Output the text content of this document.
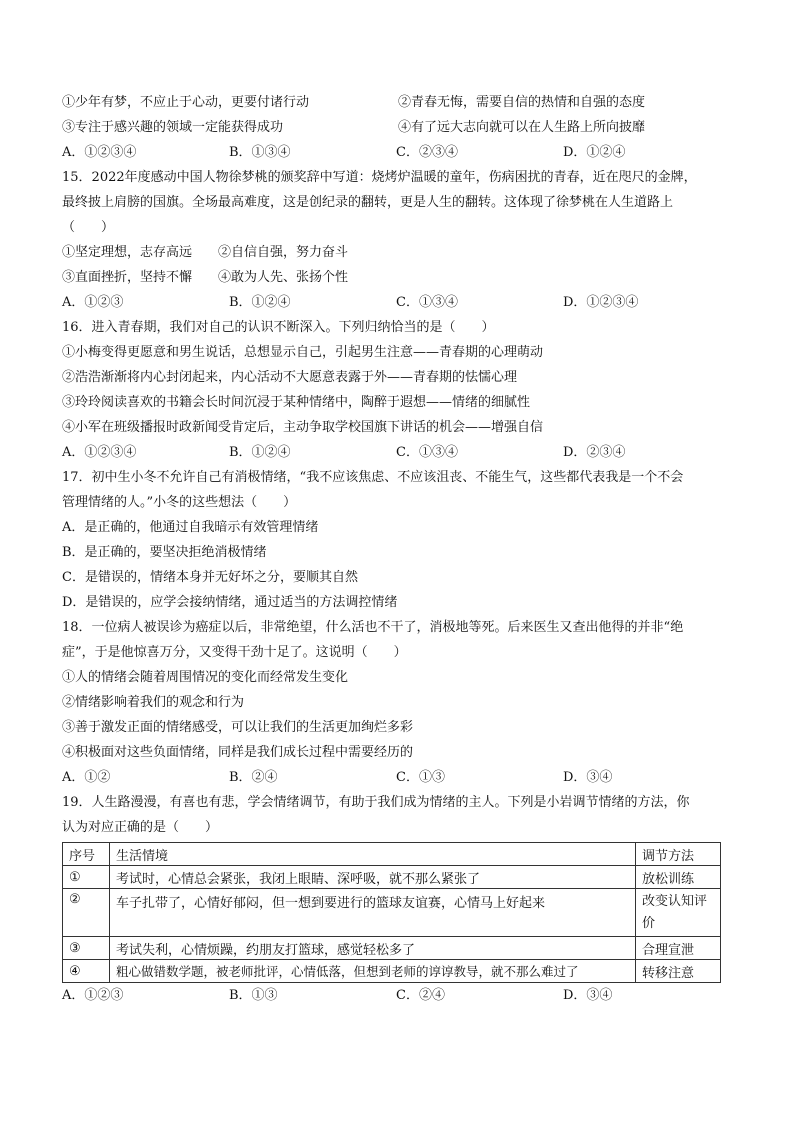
①少年有梦，不应止于心动，更要付诸行动	②青春无悔，需要自信的热情和自强的态度
③专注于感兴趣的领域一定能获得成功	④有了远大志向就可以在人生路上所向披靡
A．①②③④	B．①③④	C．②③④	D．①②④
15．2022年度感动中国人物徐梦桃的颁奖辞中写道：烧烤炉温暖的童年，伤病困扰的青春，近在咫尺的金牌，
最终披上肩膀的国旗。全场最高难度，这是创纪录的翻转，更是人生的翻转。这体现了徐梦桃在人生道路上
（　　）
①坚定理想，志存高远　　 ②自信自强，努力奋斗
③直面挫折，坚持不懈　　 ④敢为人先、张扬个性
A．①②③	B．①②④	C．①③④	D．①②③④
16．进入青春期，我们对自己的认识不断深入。下列归纳恰当的是（　　）
①小梅变得更愿意和男生说话，总想显示自己，引起男生注意——青春期的心理萌动
②浩浩渐渐将内心封闭起来，内心活动不大愿意表露于外——青春期的怯懦心理
③玲玲阅读喜欢的书籍会长时间沉浸于某种情绪中，陶醉于遐想——情绪的细腻性
④小军在班级播报时政新闻受肯定后，主动争取学校国旗下讲话的机会——增强自信
A．①②③④	B．①②④	C．①③④	D．②③④
17．初中生小冬不允许自己有消极情绪，“我不应该焦虑、不应该沮丧、不能生气，这些都代表我是一个不会
管理情绪的人。”小冬的这些想法（　　）
A．是正确的，他通过自我暗示有效管理情绪
B．是正确的，要坚决拒绝消极情绪
C．是错误的，情绪本身并无好坏之分，要顺其自然
D．是错误的，应学会接纳情绪，通过适当的方法调控情绪
18．一位病人被误诊为癌症以后，非常绝望，什么活也不干了，消极地等死。后来医生又查出他得的并非“绝
症”，于是他惊喜万分，又变得干劲十足了。这说明（　　）
①人的情绪会随着周围情况的变化而经常发生变化
②情绪影响着我们的观念和行为
③善于激发正面的情绪感受，可以让我们的生活更加绚烂多彩
④积极面对这些负面情绪，同样是我们成长过程中需要经历的
A．①②	B．②④	C．①③	D．③④
19．人生路漫漫，有喜也有悲，学会情绪调节，有助于我们成为情绪的主人。下列是小岩调节情绪的方法，你
认为对应正确的是（　　）
序号	生活情境	调节方法
①	考试时，心情总会紧张，我闭上眼睛、深呼吸，就不那么紧张了	放松训练
②	车子扎带了，心情好郁闷，但一想到要进行的篮球友谊赛，心情马上好起来	改变认知评价
③	考试失利，心情烦躁，约朋友打篮球，感觉轻松多了	合理宣泄
④	粗心做错数学题，被老师批评，心情低落，但想到老师的谆谆教导，就不那么难过了	转移注意
A．①②③	B．①③	C．②④	D．③④
